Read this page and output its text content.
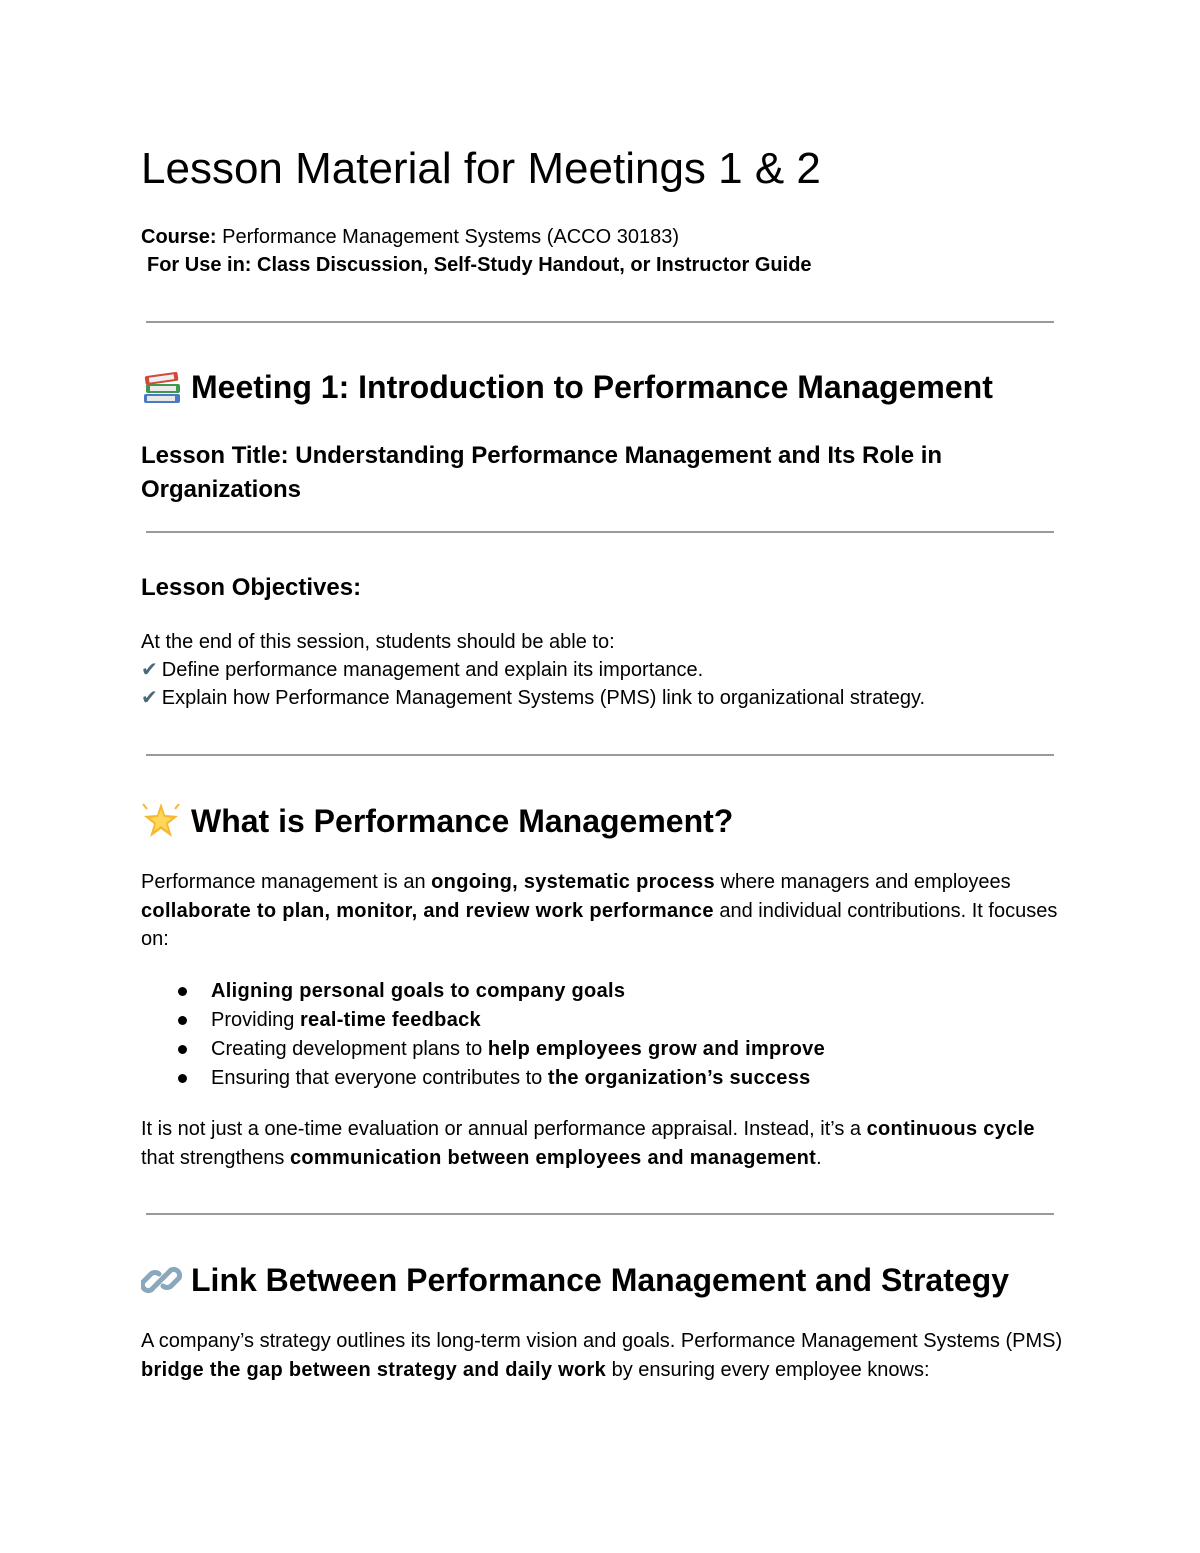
Lesson Material for Meetings 1 & 2
Course: Performance Management Systems (ACCO 30183)
For Use in: Class Discussion, Self-Study Handout, or Instructor Guide
Meeting 1: Introduction to Performance Management
Lesson Title: Understanding Performance Management and Its Role in Organizations
Lesson Objectives:
At the end of this session, students should be able to:
✔ Define performance management and explain its importance.
✔ Explain how Performance Management Systems (PMS) link to organizational strategy.
What is Performance Management?
Performance management is an ongoing, systematic process where managers and employees collaborate to plan, monitor, and review work performance and individual contributions. It focuses on:
Aligning personal goals to company goals
Providing real-time feedback
Creating development plans to help employees grow and improve
Ensuring that everyone contributes to the organization’s success
It is not just a one-time evaluation or annual performance appraisal. Instead, it’s a continuous cycle that strengthens communication between employees and management.
Link Between Performance Management and Strategy
A company’s strategy outlines its long-term vision and goals. Performance Management Systems (PMS) bridge the gap between strategy and daily work by ensuring every employee knows:
